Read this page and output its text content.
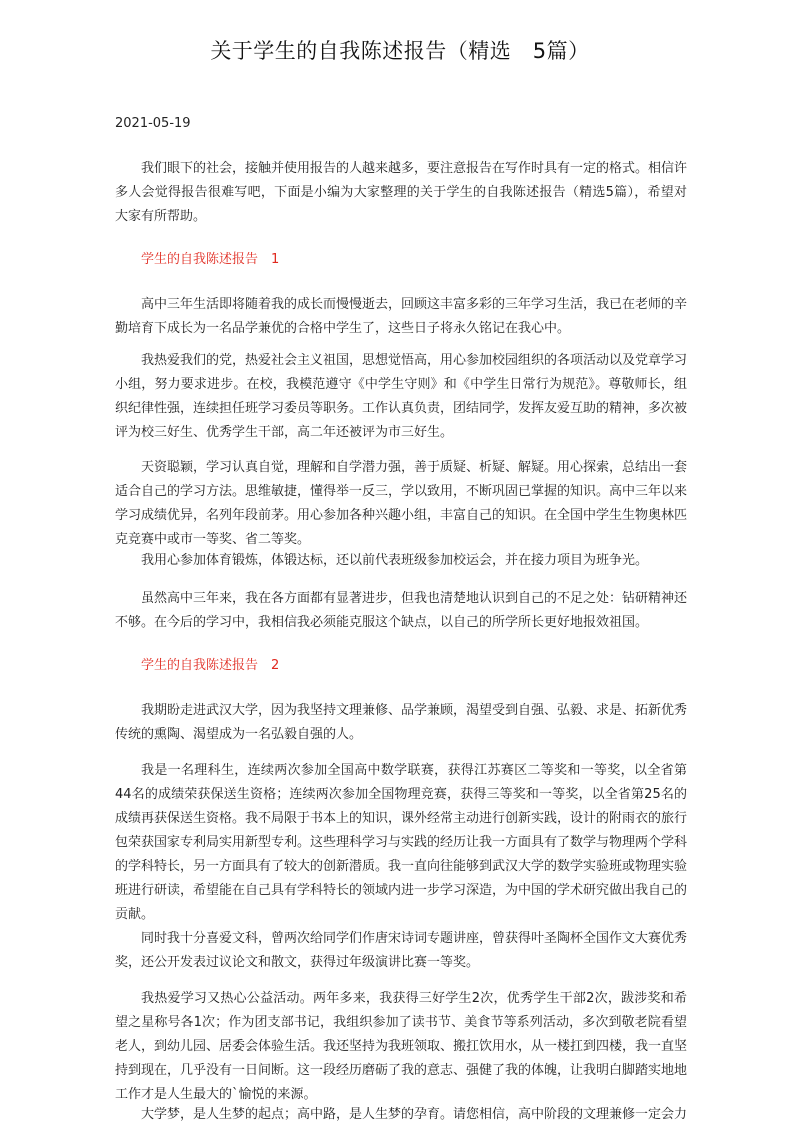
关于学生的自我陈述报告（精选　5篇）
2021-05-19

我们眼下的社会，接触并使用报告的人越来越多，要注意报告在写作时具有一定的格式。相信许多人会觉得报告很难写吧，下面是小编为大家整理的关于学生的自我陈述报告（精选5篇），希望对大家有所帮助。

学生的自我陈述报告　1

高中三年生活即将随着我的成长而慢慢逝去，回顾这丰富多彩的三年学习生活，我已在老师的辛勤培育下成长为一名品学兼优的合格中学生了，这些日子将永久铭记在我心中。

我热爱我们的党，热爱社会主义祖国，思想觉悟高，用心参加校园组织的各项活动以及党章学习小组，努力要求进步。在校，我模范遵守《中学生守则》和《中学生日常行为规范》。尊敬师长，组织纪律性强，连续担任班学习委员等职务。工作认真负责，团结同学，发挥友爱互助的精神，多次被评为校三好生、优秀学生干部，高二年还被评为市三好生。

天资聪颖，学习认真自觉，理解和自学潜力强，善于质疑、析疑、解疑。用心探索，总结出一套适合自己的学习方法。思维敏捷，懂得举一反三，学以致用，不断巩固已掌握的知识。高中三年以来学习成绩优异，名列年段前茅。用心参加各种兴趣小组，丰富自己的知识。在全国中学生生物奥林匹克竞赛中或市一等奖、省二等奖。

我用心参加体育锻炼，体锻达标，还以前代表班级参加校运会，并在接力项目为班争光。

虽然高中三年来，我在各方面都有显著进步，但我也清楚地认识到自己的不足之处：钻研精神还不够。在今后的学习中，我相信我必须能克服这个缺点，以自己的所学所长更好地报效祖国。

学生的自我陈述报告　2

我期盼走进武汉大学，因为我坚持文理兼修、品学兼顾，渴望受到自强、弘毅、求是、拓新优秀传统的熏陶、渴望成为一名弘毅自强的人。

我是一名理科生，连续两次参加全国高中数学联赛，获得江苏赛区二等奖和一等奖，以全省第44名的成绩荣获保送生资格；连续两次参加全国物理竞赛，获得三等奖和一等奖，以全省第25名的成绩再获保送生资格。我不局限于书本上的知识，课外经常主动进行创新实践，设计的附雨衣的旅行包荣获国家专利局实用新型专利。这些理科学习与实践的经历让我一方面具有了数学与物理两个学科的学科特长，另一方面具有了较大的创新潜质。我一直向往能够到武汉大学的数学实验班或物理实验班进行研读，希望能在自己具有学科特长的领域内进一步学习深造，为中国的学术研究做出我自己的贡献。

同时我十分喜爱文科，曾两次给同学们作唐宋诗词专题讲座，曾获得叶圣陶杯全国作文大赛优秀奖，还公开发表过议论文和散文，获得过年级演讲比赛一等奖。

我热爱学习又热心公益活动。两年多来，我获得三好学生2次，优秀学生干部2次，跋涉奖和希望之星称号各1次；作为团支部书记，我组织参加了读书节、美食节等系列活动，多次到敬老院看望老人，到幼儿园、居委会体验生活。我还坚持为我班领取、搬扛饮用水，从一楼扛到四楼，我一直坚持到现在，几乎没有一日间断。这一段经历磨砺了我的意志、强健了我的体魄，让我明白脚踏实地地工作才是人生最大的`愉悦的来源。

大学梦，是人生梦的起点；高中路，是人生梦的孕育。请您相信，高中阶段的文理兼修一定会力
